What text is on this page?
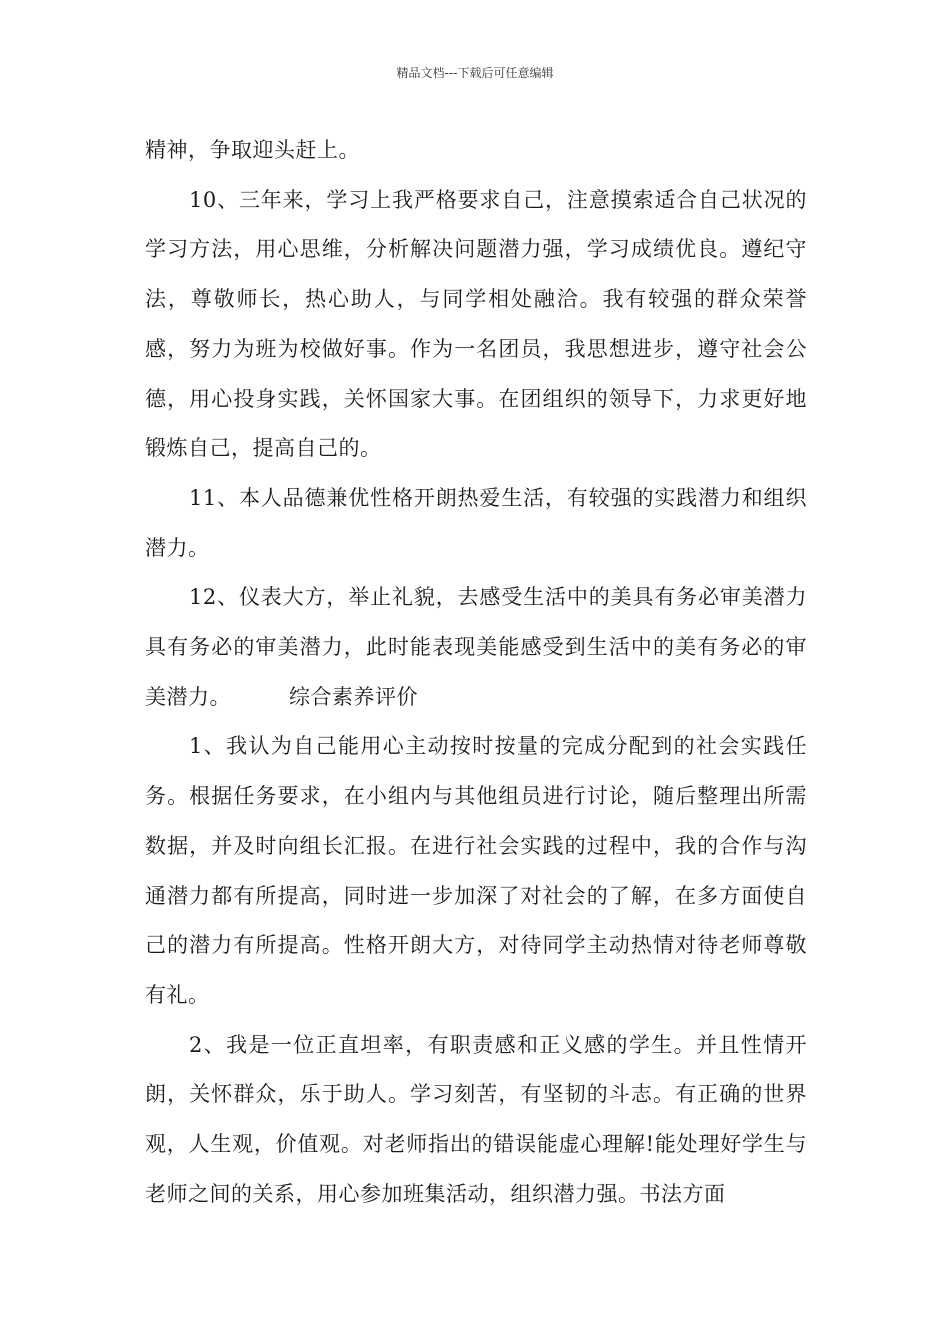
精品文档---下载后可任意编辑

精神，争取迎头赶上。

10、三年来，学习上我严格要求自己，注意摸索适合自己状况的学习方法，用心思维，分析解决问题潜力强，学习成绩优良。遵纪守法，尊敬师长，热心助人，与同学相处融洽。我有较强的群众荣誉感，努力为班为校做好事。作为一名团员，我思想进步，遵守社会公德，用心投身实践，关怀国家大事。在团组织的领导下，力求更好地锻炼自己，提高自己的。

11、本人品德兼优性格开朗热爱生活，有较强的实践潜力和组织潜力。

12、仪表大方，举止礼貌，去感受生活中的美具有务必审美潜力具有务必的审美潜力，此时能表现美能感受到生活中的美有务必的审美潜力。	综合素养评价

1、我认为自己能用心主动按时按量的完成分配到的社会实践任务。根据任务要求，在小组内与其他组员进行讨论，随后整理出所需数据，并及时向组长汇报。在进行社会实践的过程中，我的合作与沟通潜力都有所提高，同时进一步加深了对社会的了解，在多方面使自己的潜力有所提高。性格开朗大方，对待同学主动热情对待老师尊敬有礼。

2、我是一位正直坦率，有职责感和正义感的学生。并且性情开朗，关怀群众，乐于助人。学习刻苦，有坚韧的斗志。有正确的世界观，人生观，价值观。对老师指出的错误能虚心理解!能处理好学生与老师之间的关系，用心参加班集活动，组织潜力强。书法方面
